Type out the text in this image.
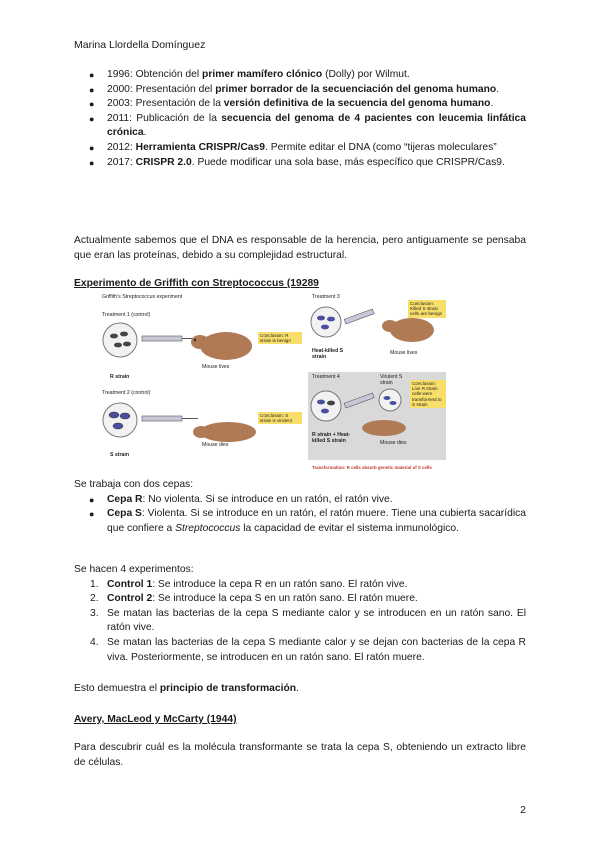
Marina Llordella Domínguez
● 1996: Obtención del primer mamífero clónico (Dolly) por Wilmut.
● 2000: Presentación del primer borrador de la secuenciación del genoma humano.
● 2003: Presentación de la versión definitiva de la secuencia del genoma humano.
● 2011: Publicación de la secuencia del genoma de 4 pacientes con leucemia linfática crónica.
● 2012: Herramienta CRISPR/Cas9. Permite editar el DNA (como “tijeras moleculares”
● 2017: CRISPR 2.0. Puede modificar una sola base, más específico que CRISPR/Cas9.

Actualmente sabemos que el DNA es responsable de la herencia, pero antiguamente se pensaba que eran las proteínas, debido a su complejidad estructural.

Experimento de Griffith con Streptococcus (19289
Griffith's Streptococcus experiment
Treatment 1 (control)
R strain
Mouse lives
Conclusion: R strain is benign
Treatment 2 (control)
S strain
Mouse dies
Conclusion: S strain is virulent
Treatment 3
Heat-killed S strain
Mouse lives
Conclusion: Killed S strain cells are benign
Treatment 4	Virulent S strain
R strain + Heat-killed S strain	Mouse dies
Conclusion: Live R strain cells were transformed to S strain
Transformation: R cells absorb genetic material of S cells

Se trabaja con dos cepas:

● Cepa R: No violenta. Si se introduce en un ratón, el ratón vive.
● Cepa S: Violenta. Si se introduce en un ratón, el ratón muere. Tiene una cubierta sacarídica que confiere a Streptococcus la capacidad de evitar el sistema inmunológico.

Se hacen 4 experimentos:

1. Control 1: Se introduce la cepa R en un ratón sano. El ratón vive.
2. Control 2: Se introduce la cepa S en un ratón sano. El ratón muere.
3. Se matan las bacterias de la cepa S mediante calor y se introducen en un ratón sano. El ratón vive.
4. Se matan las bacterias de la cepa S mediante calor y se dejan con bacterias de la cepa R viva. Posteriormente, se introducen en un ratón sano. El ratón muere.

Esto demuestra el principio de transformación.

Avery, MacLeod y McCarty (1944)

Para descubrir cuál es la molécula transformante se trata la cepa S, obteniendo un extracto libre de células.

2
